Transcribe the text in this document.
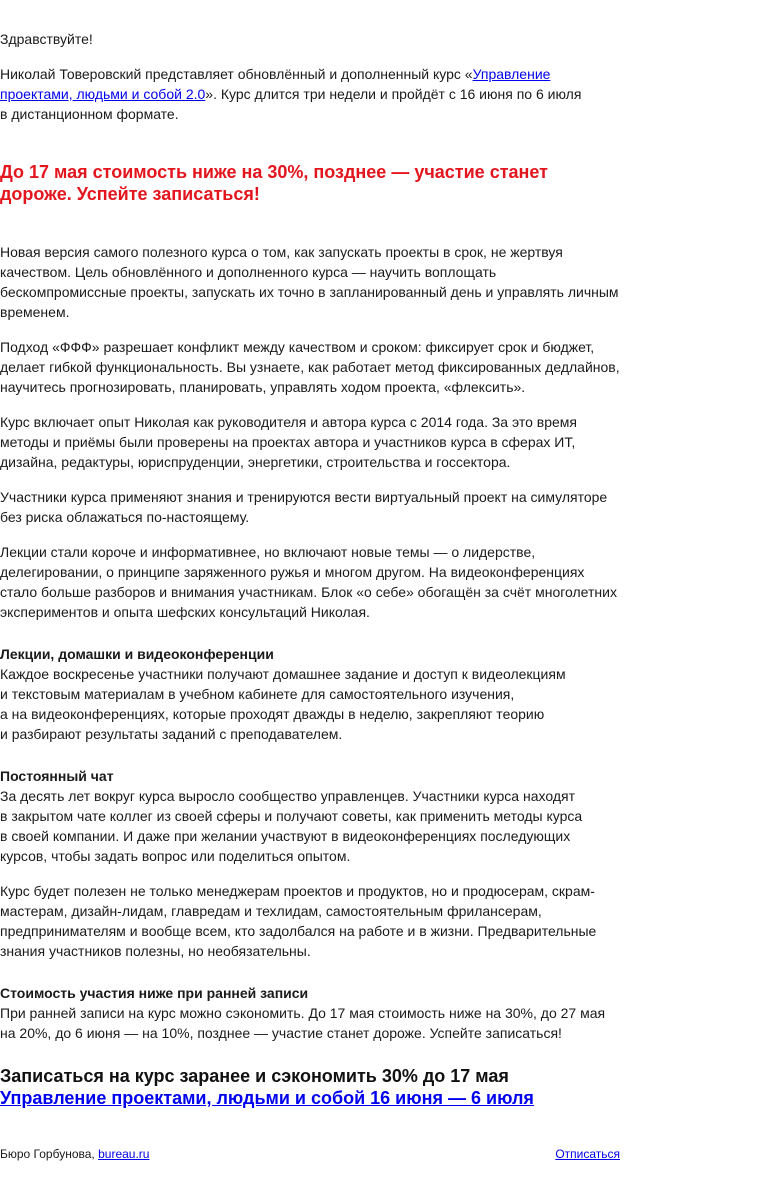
Здравствуйте!

Николай Товеровский представляет обновлённый и дополненный курс «Управление проектами, людьми и собой 2.0». Курс длится три недели и пройдёт с 16 июня по 6 июля в дистанционном формате.

До 17 мая стоимость ниже на 30%, позднее — участие станет дороже. Успейте записаться!

Новая версия самого полезного курса о том, как запускать проекты в срок, не жертвуя качеством. Цель обновлённого и дополненного курса — научить воплощать бескомпромиссные проекты, запускать их точно в запланированный день и управлять личным временем.

Подход «ФФФ» разрешает конфликт между качеством и сроком: фиксирует срок и бюджет, делает гибкой функциональность. Вы узнаете, как работает метод фиксированных дедлайнов, научитесь прогнозировать, планировать, управлять ходом проекта, «флексить».

Курс включает опыт Николая как руководителя и автора курса с 2014 года. За это время методы и приёмы были проверены на проектах автора и участников курса в сферах ИТ, дизайна, редактуры, юриспруденции, энергетики, строительства и госсектора.

Участники курса применяют знания и тренируются вести виртуальный проект на симуляторе без риска облажаться по-настоящему.

Лекции стали короче и информативнее, но включают новые темы — о лидерстве, делегировании, о принципе заряженного ружья и многом другом. На видеоконференциях стало больше разборов и внимания участникам. Блок «о себе» обогащён за счёт многолетних экспериментов и опыта шефских консультаций Николая.

Лекции, домашки и видеоконференции

Каждое воскресенье участники получают домашнее задание и доступ к видеолекциям

и текстовым материалам в учебном кабинете для самостоятельного изучения,

а на видеоконференциях, которые проходят дважды в неделю, закрепляют теорию

и разбирают результаты заданий с преподавателем.

Постоянный чат

За десять лет вокруг курса выросло сообщество управленцев. Участники курса находят

в закрытом чате коллег из своей сферы и получают советы, как применить методы курса

в своей компании. И даже при желании участвуют в видеоконференциях последующих

курсов, чтобы задать вопрос или поделиться опытом.

Курс будет полезен не только менеджерам проектов и продуктов, но и продюсерам, скрам-мастерам, дизайн-лидам, главредам и техлидам, самостоятельным фрилансерам, предпринимателям и вообще всем, кто задолбался на работе и в жизни. Предварительные знания участников полезны, но необязательны.

Стоимость участия ниже при ранней записи

При ранней записи на курс можно сэкономить. До 17 мая стоимость ниже на 30%, до 27 мая

на 20%, до 6 июня — на 10%, позднее — участие станет дороже. Успейте записаться!

Записаться на курс заранее и сэкономить 30% до 17 мая
Управление проектами, людьми и собой 16 июня — 6 июля
Бюро Горбунова, bureau.ru	Отписаться
